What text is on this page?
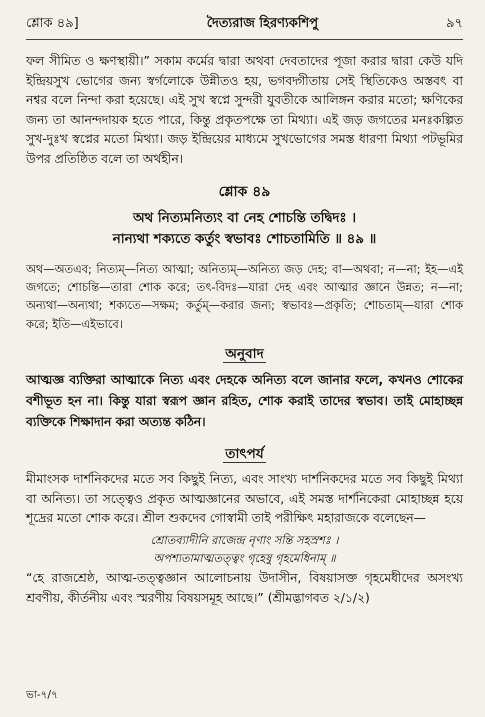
শ্লোক ৪৯]	দৈত্যরাজ হিরণ্যকশিপু	৯৭

ফল সীমিত ও ক্ষণস্থায়ী।” সকাম কর্মের দ্বারা অথবা দেবতাদের পূজা করার দ্বারা কেউ যদি ইন্দ্রিয়সুখ ভোগের জন্য স্বর্গলোকে উন্নীতও হয়, ভগবদ্গীতায় সেই স্থিতিকেও অস্তবৎ বা নশ্বর বলে নিন্দা করা হয়েছে। এই সুখ স্বপ্নে সুন্দরী যুবতীকে আলিঙ্গন করার মতো; ক্ষণিকের জন্য তা আনন্দদায়ক হতে পারে, কিন্তু প্রকৃতপক্ষে তা মিথ্যা। এই জড় জগতের মনঃকল্পিত সুখ-দুঃখ স্বপ্নের মতো মিথ্যা। জড় ইন্দ্রিয়ের মাধ্যমে সুখভোগের সমস্ত ধারণা মিথ্যা পটভূমির উপর প্রতিষ্ঠিত বলে তা অর্থহীন।

শ্লোক ৪৯
অথ নিত্যমনিত্যং বা নেহ শোচন্তি তদ্বিদঃ ।
নান্যথা শক্যতে কর্তুং স্বভাবঃ শোচতামিতি ॥ ৪৯ ॥

অথ—অতএব; নিত্যম্—নিত্য আত্মা; অনিত্যম্—অনিত্য জড় দেহ; বা—অথবা; ন—না; ইহ—এই জগতে; শোচন্তি—তারা শোক করে; তৎ-বিদঃ—যারা দেহ এবং আত্মার জ্ঞানে উন্নত; ন—না; অন্যথা—অন্যথা; শক্যতে—সক্ষম; কর্তুম্—করার জন্য; স্বভাবঃ—প্রকৃতি; শোচতাম্—যারা শোক করে; ইতি—এইভাবে।

অনুবাদ

আত্মজ্ঞ ব্যক্তিরা আত্মাকে নিত্য এবং দেহকে অনিত্য বলে জানার ফলে, কখনও শোকের বশীভূত হন না। কিন্তু যারা স্বরূপ জ্ঞান রহিত, শোক করাই তাদের স্বভাব। তাই মোহাচ্ছন্ন ব্যক্তিকে শিক্ষাদান করা অত্যন্ত কঠিন।

তাৎপর্য

মীমাংসক দার্শনিকদের মতে সব কিছুই নিত্য, এবং সাংখ্য দার্শনিকদের মতে সব কিছুই মিথ্যা বা অনিত্য। তা সত্ত্বেও প্রকৃত আত্মজ্ঞানের অভাবে, এই সমস্ত দার্শনিকেরা মোহাচ্ছন্ন হয়ে শূদ্রের মতো শোক করে। শ্রীল শুকদেব গোস্বামী তাই পরীক্ষিৎ মহারাজকে বলেছেন—

শ্রোতব্যাদীনি রাজেন্দ্র নৃণাং সন্তি সহস্রশঃ ।
অপশ্যতামাত্মতত্ত্বং গৃহেষু গৃহমেধিনাম্ ॥

“হে রাজশ্রেষ্ঠ, আত্ম-তত্ত্বজ্ঞান আলোচনায় উদাসীন, বিষয়াসক্ত গৃহমেধীদের অসংখ্য শ্রবণীয়, কীর্তনীয় এবং স্মরণীয় বিষয়সমূহ আছে।” (শ্রীমদ্ভাগবত ২/১/২)

ভা-৭/৭
